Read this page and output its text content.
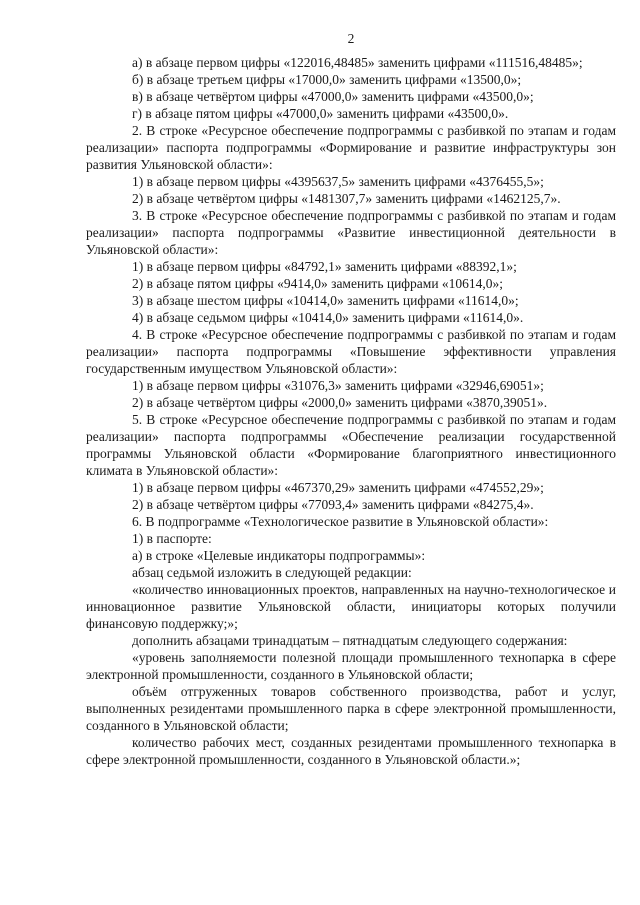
2

а) в абзаце первом цифры «122016,48485» заменить цифрами «111516,48485»;

б) в абзаце третьем цифры «17000,0» заменить цифрами «13500,0»;

в) в абзаце четвёртом цифры «47000,0» заменить цифрами «43500,0»;

г) в абзаце пятом цифры «47000,0» заменить цифрами «43500,0».

2. В строке «Ресурсное обеспечение подпрограммы с разбивкой по этапам и годам реализации» паспорта подпрограммы «Формирование и развитие инфраструктуры зон развития Ульяновской области»:

1) в абзаце первом цифры «4395637,5» заменить цифрами «4376455,5»;

2) в абзаце четвёртом цифры «1481307,7» заменить цифрами «1462125,7».

3. В строке «Ресурсное обеспечение подпрограммы с разбивкой по этапам и годам реализации» паспорта подпрограммы «Развитие инвестиционной деятельности в Ульяновской области»:

1) в абзаце первом цифры «84792,1» заменить цифрами «88392,1»;

2) в абзаце пятом цифры «9414,0» заменить цифрами «10614,0»;

3) в абзаце шестом цифры «10414,0» заменить цифрами «11614,0»;

4) в абзаце седьмом цифры «10414,0» заменить цифрами «11614,0».

4. В строке «Ресурсное обеспечение подпрограммы с разбивкой по этапам и годам реализации» паспорта подпрограммы «Повышение эффективности управления государственным имуществом Ульяновской области»:

1) в абзаце первом цифры «31076,3» заменить цифрами «32946,69051»;

2) в абзаце четвёртом цифры «2000,0» заменить цифрами «3870,39051».

5. В строке «Ресурсное обеспечение подпрограммы с разбивкой по этапам и годам реализации» паспорта подпрограммы «Обеспечение реализации государственной программы Ульяновской области «Формирование благоприятного инвестиционного климата в Ульяновской области»:

1) в абзаце первом цифры «467370,29» заменить цифрами «474552,29»;

2) в абзаце четвёртом цифры «77093,4» заменить цифрами «84275,4».

6. В подпрограмме «Технологическое развитие в Ульяновской области»:

1) в паспорте:

а) в строке «Целевые индикаторы подпрограммы»:

абзац седьмой изложить в следующей редакции:

«количество инновационных проектов, направленных на научно-технологическое и инновационное развитие Ульяновской области, инициаторы которых получили финансовую поддержку;»;

дополнить абзацами тринадцатым – пятнадцатым следующего содержания:

«уровень заполняемости полезной площади промышленного технопарка в сфере электронной промышленности, созданного в Ульяновской области;

объём отгруженных товаров собственного производства, работ и услуг, выполненных резидентами промышленного парка в сфере электронной промышленности, созданного в Ульяновской области;

количество рабочих мест, созданных резидентами промышленного технопарка в сфере электронной промышленности, созданного в Ульяновской области.»;
